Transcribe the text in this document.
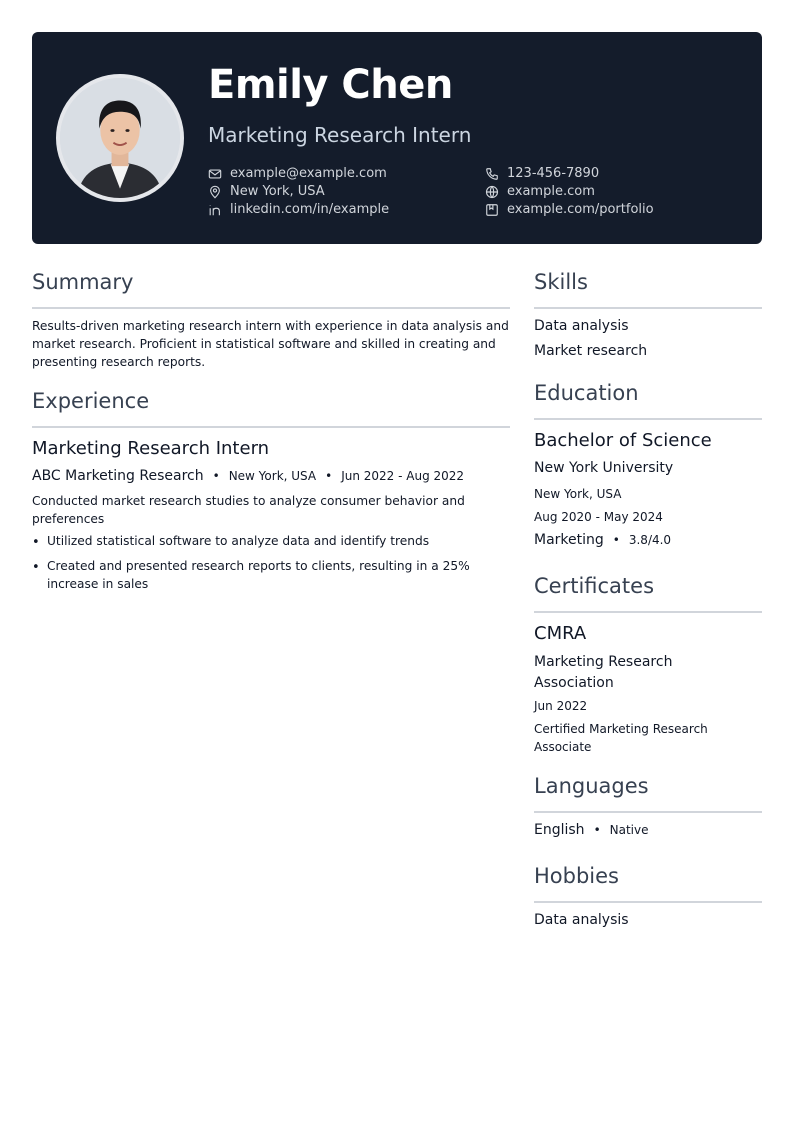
Emily Chen
Marketing Research Intern
example@example.com	123-456-7890
New York, USA	example.com
linkedin.com/in/example	example.com/portfolio
Summary
Results-driven marketing research intern with experience in data analysis and market research. Proficient in statistical software and skilled in creating and presenting research reports.
Experience
Marketing Research Intern
ABC Marketing Research • New York, USA • Jun 2022 - Aug 2022
Conducted market research studies to analyze consumer behavior and preferences
• Utilized statistical software to analyze data and identify trends
• Created and presented research reports to clients, resulting in a 25% increase in sales
Skills
Data analysis
Market research
Education
Bachelor of Science
New York University
New York, USA
Aug 2020 - May 2024
Marketing • 3.8/4.0
Certificates
CMRA
Marketing Research Association
Jun 2022
Certified Marketing Research Associate
Languages
English • Native
Hobbies
Data analysis
